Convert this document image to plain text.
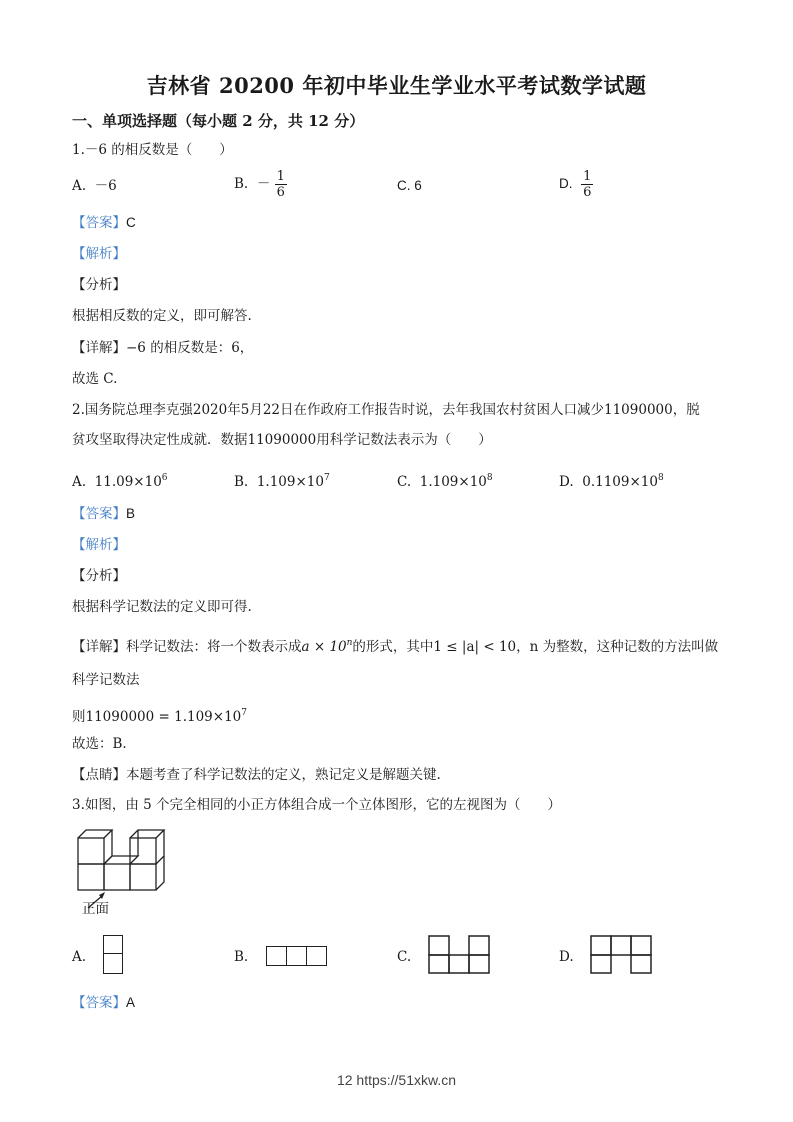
吉林省 20200 年初中毕业生学业水平考试数学试题
一、单项选择题（每小题 2 分，共 12 分）
1.－6 的相反数是（　　）
A. －6	B. － $\frac{1}{6}$	C. 6	D. $\frac{1}{6}$
【答案】C
【解析】
【分析】
根据相反数的定义，即可解答.
【详解】−6 的相反数是：6，
故选 C.
2.国务院总理李克强2020年5月22日在作政府工作报告时说，去年我国农村贫困人口减少11090000，脱
贫攻坚取得决定性成就．数据11090000用科学记数法表示为（　　）
A. $11.09\times 10^6$	B. $1.109\times 10^7$	C. $1.109\times 10^8$	D. $0.1109\times 10^8$
【答案】B
【解析】
【分析】
根据科学记数法的定义即可得.
【详解】科学记数法：将一个数表示成$a \times 10^n$的形式，其中1 ≤ |a| < 10，n 为整数，这种记数的方法叫做
科学记数法
则$11090000 = 1.109\times 10^7$
故选：B.
【点睛】本题考查了科学记数法的定义，熟记定义是解题关键.
3.如图，由 5 个完全相同的小正方体组合成一个立体图形，它的左视图为（　　）
正面
A.	B.	C.	D.
【答案】A
12 https://51xkw.cn
